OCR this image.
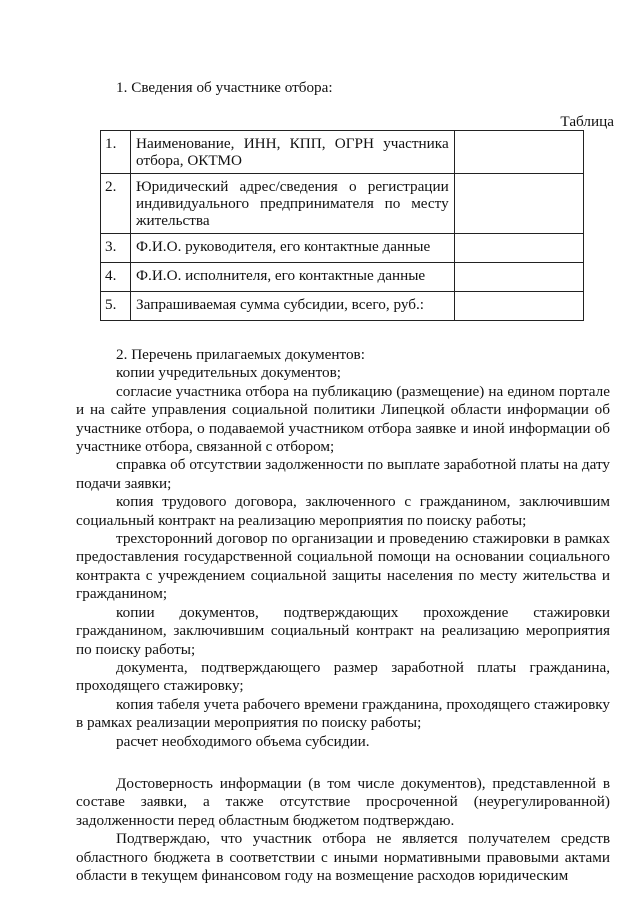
1. Сведения об участнике отбора:
Таблица
1.	Наименование, ИНН, КПП, ОГРН участника отбора, ОКТМО	
2.	Юридический адрес/сведения о регистрации индивидуального предпринимателя по месту жительства	
3.	Ф.И.О. руководителя, его контактные данные	
4.	Ф.И.О. исполнителя, его контактные данные	
5.	Запрашиваемая сумма субсидии, всего, руб.:	

2. Перечень прилагаемых документов:

копии учредительных документов;

согласие участника отбора на публикацию (размещение) на едином портале и на сайте управления социальной политики Липецкой области информации об участнике отбора, о подаваемой участником отбора заявке и иной информации об участнике отбора, связанной с отбором;

справка об отсутствии задолженности по выплате заработной платы на дату подачи заявки;

копия трудового договора, заключенного с гражданином, заключившим социальный контракт на реализацию мероприятия по поиску работы;

трехсторонний договор по организации и проведению стажировки в рамках предоставления государственной социальной помощи на основании социального контракта с учреждением социальной защиты населения по месту жительства и гражданином;

копии документов, подтверждающих прохождение стажировки гражданином, заключившим социальный контракт на реализацию мероприятия по поиску работы;

документа, подтверждающего размер заработной платы гражданина, проходящего стажировку;

копия табеля учета рабочего времени гражданина, проходящего стажировку в рамках реализации мероприятия по поиску работы;

расчет необходимого объема субсидии.

Достоверность информации (в том числе документов), представленной в составе заявки, а также отсутствие просроченной (неурегулированной) задолженности перед областным бюджетом подтверждаю.

Подтверждаю, что участник отбора не является получателем средств областного бюджета в соответствии с иными нормативными правовыми актами области в текущем финансовом году на возмещение расходов юридическим
